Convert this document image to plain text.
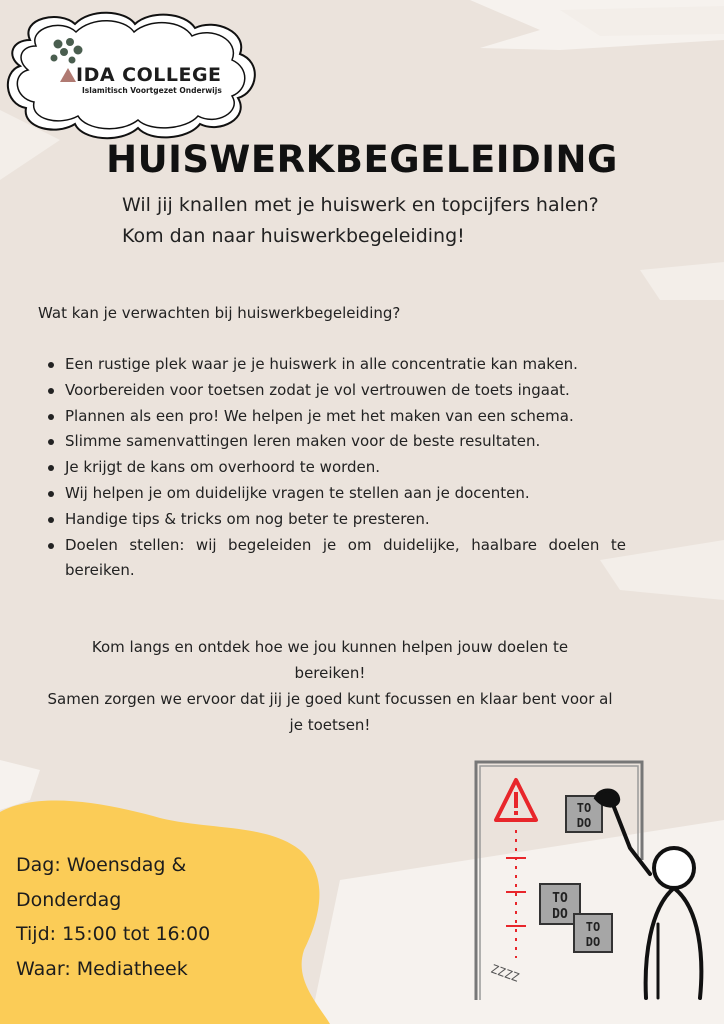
IDA COLLEGE
Islamitisch Voortgezet Onderwijs
HUISWERKBEGELEIDING
Wil jij knallen met je huiswerk en topcijfers halen?
Kom dan naar huiswerkbegeleiding!

Wat kan je verwachten bij huiswerkbegeleiding?

Een rustige plek waar je je huiswerk in alle concentratie kan maken.
Voorbereiden voor toetsen zodat je vol vertrouwen de toets ingaat.
Plannen als een pro! We helpen je met het maken van een schema.
Slimme samenvattingen leren maken voor de beste resultaten.
Je krijgt de kans om overhoord te worden.
Wij helpen je om duidelijke vragen te stellen aan je docenten.
Handige tips & tricks om nog beter te presteren.
Doelen stellen: wij begeleiden je om duidelijke, haalbare doelen te bereiken.
Kom langs en ontdek hoe we jou kunnen helpen jouw doelen te bereiken!
Samen zorgen we ervoor dat jij je goed kunt focussen en klaar bent voor al je toetsen!
Dag: Woensdag &
Donderdag
Tijd: 15:00 tot 16:00
Waar: Mediatheek
TO
DO
TO
DO
TO
DO
ZZZZ
